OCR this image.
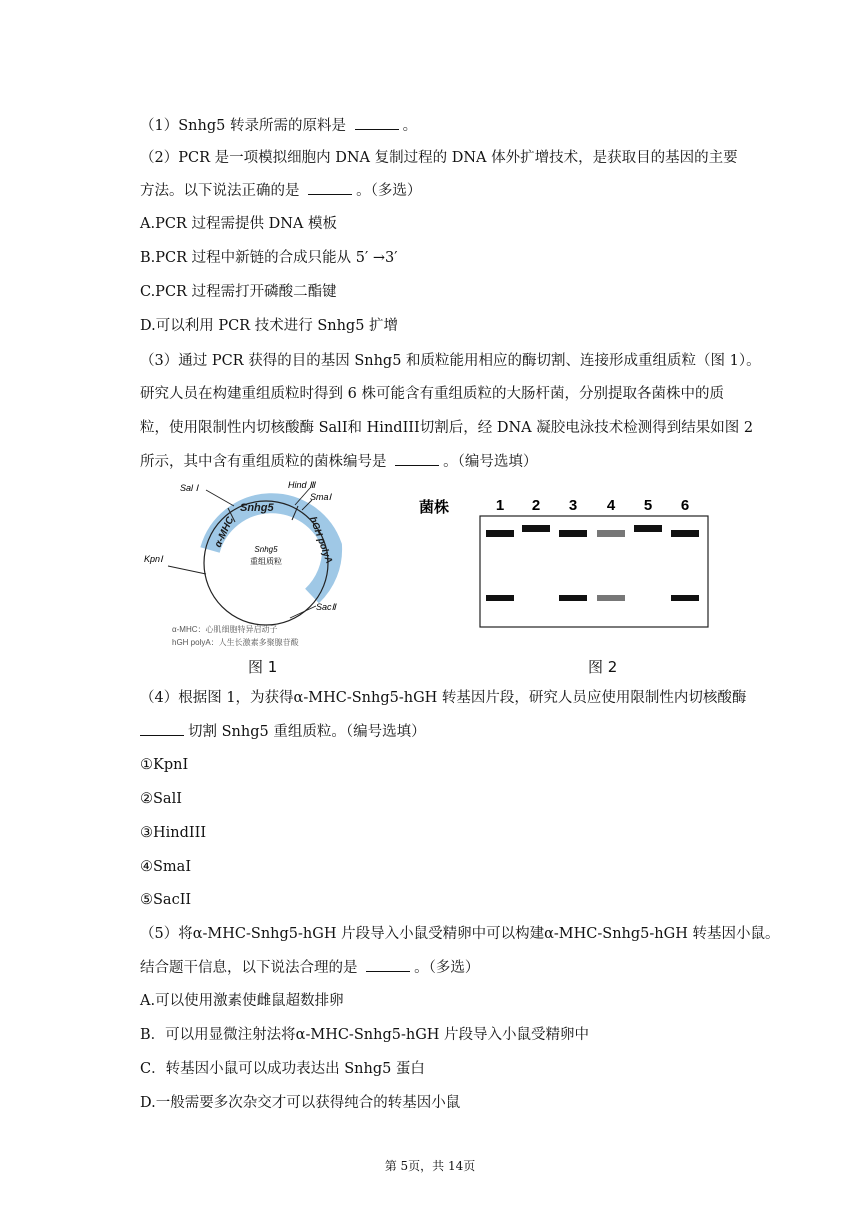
（1）Snhg5 转录所需的原料是	。
（2）PCR 是一项模拟细胞内 DNA 复制过程的 DNA 体外扩增技术，是获取目的基因的主要
方法。以下说法正确的是	。（多选）
A.PCR 过程需提供 DNA 模板
B.PCR 过程中新链的合成只能从 5′ →3′
C.PCR 过程需打开磷酸二酯键
D.可以利用 PCR 技术进行 Snhg5 扩增
（3）通过 PCR 获得的目的基因 Snhg5 和质粒能用相应的酶切割、连接形成重组质粒（图 1）。
研究人员在构建重组质粒时得到 6 株可能含有重组质粒的大肠杆菌，分别提取各菌株中的质
粒，使用限制性内切核酸酶 SalI和 HindIII切割后，经 DNA 凝胶电泳技术检测得到结果如图 2
所示，其中含有重组质粒的菌株编号是	。（编号选填）
Sal Ⅰ	Hind Ⅲ
SmaⅠ
KpnⅠ
SacⅡ
α-MHC
Snhg5
hGH polyA
Snhg5
重组质粒
α-MHC：心肌细胞特异启动子
hGH polyA：人生长激素多聚腺苷酸
图 1
菌株	1 2 3 4 5 6
图 2
（4）根据图 1，为获得α-MHC-Snhg5-hGH 转基因片段，研究人员应使用限制性内切核酸酶
切割 Snhg5 重组质粒。（编号选填）
①KpnI
②SalI
③HindIII
④SmaI
⑤SacII
（5）将α-MHC-Snhg5-hGH 片段导入小鼠受精卵中可以构建α-MHC-Snhg5-hGH 转基因小鼠。
结合题干信息，以下说法合理的是	。（多选）
A.可以使用激素使雌鼠超数排卵
B．可以用显微注射法将α-MHC-Snhg5-hGH 片段导入小鼠受精卵中
C．转基因小鼠可以成功表达出 Snhg5 蛋白
D.一般需要多次杂交才可以获得纯合的转基因小鼠
第 5页，共 14页
